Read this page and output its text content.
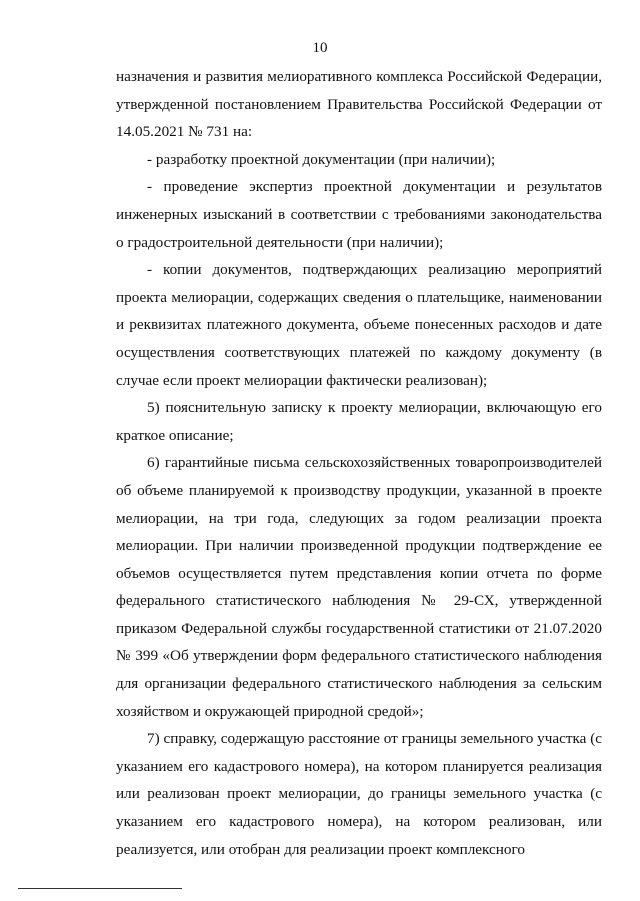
10

назначения и развития мелиоративного комплекса Российской Федерации, утвержденной постановлением Правительства Российской Федерации от 14.05.2021 № 731 на:

- разработку проектной документации (при наличии);

- проведение экспертиз проектной документации и результатов инженерных изысканий в соответствии с требованиями законодательства о градостроительной деятельности (при наличии);

- копии документов, подтверждающих реализацию мероприятий проекта мелиорации, содержащих сведения о плательщике, наименовании и реквизитах платежного документа, объеме понесенных расходов и дате осуществления соответствующих платежей по каждому документу (в случае если проект мелиорации фактически реализован);

5) пояснительную записку к проекту мелиорации, включающую его краткое описание;

6) гарантийные письма сельскохозяйственных товаропроизводителей об объеме планируемой к производству продукции, указанной в проекте мелиорации, на три года, следующих за годом реализации проекта мелиорации. При наличии произведенной продукции подтверждение ее объемов осуществляется путем представления копии отчета по форме федерального статистического наблюдения № 29-СХ, утвержденной приказом Федеральной службы государственной статистики от 21.07.2020 № 399 «Об утверждении форм федерального статистического наблюдения для организации федерального статистического наблюдения за сельским хозяйством и окружающей природной средой»;

7) справку, содержащую расстояние от границы земельного участка (с указанием его кадастрового номера), на котором планируется реализация или реализован проект мелиорации, до границы земельного участка (с указанием его кадастрового номера), на котором реализован, или реализуется, или отобран для реализации проект комплексного
